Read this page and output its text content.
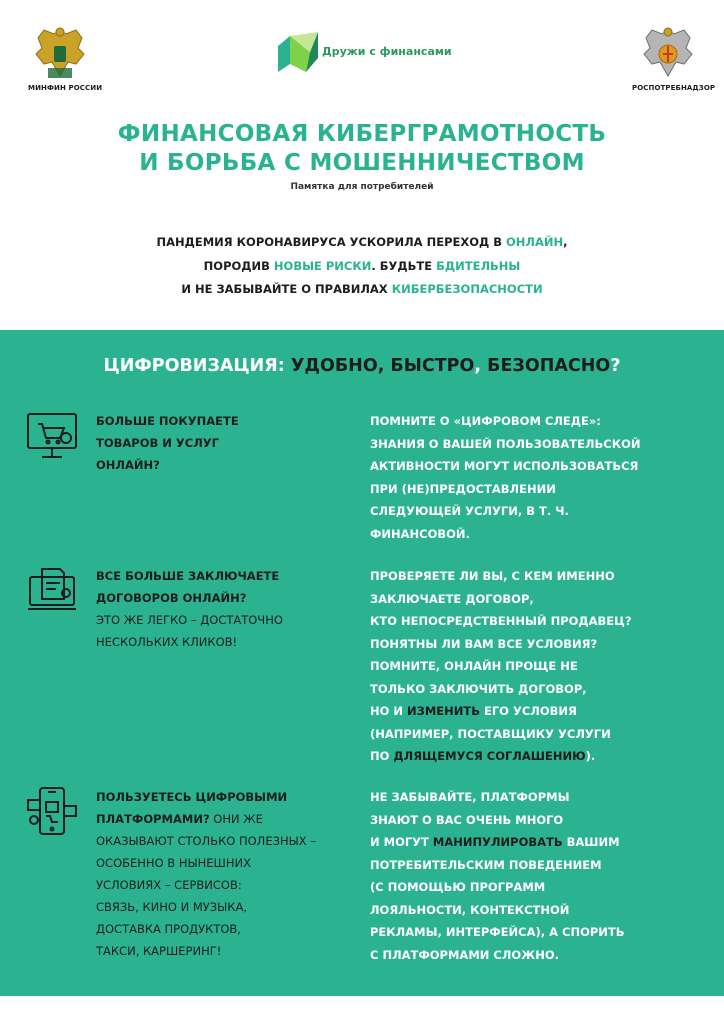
МИНФИН РОССИИ	РОСПОТРЕБНАДЗОР
Дружи с финансами
ФИНАНСОВАЯ КИБЕРГРАМОТНОСТЬ
И БОРЬБА С МОШЕННИЧЕСТВОМ
Памятка для потребителей
ПАНДЕМИЯ КОРОНАВИРУСА УСКОРИЛА ПЕРЕХОД В ОНЛАЙН,
ПОРОДИВ НОВЫЕ РИСКИ. БУДЬТЕ БДИТЕЛЬНЫ
И НЕ ЗАБЫВАЙТЕ О ПРАВИЛАХ КИБЕРБЕЗОПАСНОСТИ
ЦИФРОВИЗАЦИЯ: УДОБНО, БЫСТРО, БЕЗОПАСНО?
БОЛЬШЕ ПОКУПАЕТЕ
ТОВАРОВ И УСЛУГ
ОНЛАЙН?
ПОМНИТЕ О «ЦИФРОВОМ СЛЕДЕ»:
ЗНАНИЯ О ВАШЕЙ ПОЛЬЗОВАТЕЛЬСКОЙ
АКТИВНОСТИ МОГУТ ИСПОЛЬЗОВАТЬСЯ
ПРИ (НЕ)ПРЕДОСТАВЛЕНИИ
СЛЕДУЮЩЕЙ УСЛУГИ, В Т. Ч.
ФИНАНСОВОЙ.
ВСЕ БОЛЬШЕ ЗАКЛЮЧАЕТЕ
ДОГОВОРОВ ОНЛАЙН?
ЭТО ЖЕ ЛЕГКО – ДОСТАТОЧНО
НЕСКОЛЬКИХ КЛИКОВ!
ПРОВЕРЯЕТЕ ЛИ ВЫ, С КЕМ ИМЕННО
ЗАКЛЮЧАЕТЕ ДОГОВОР,
КТО НЕПОСРЕДСТВЕННЫЙ ПРОДАВЕЦ?
ПОНЯТНЫ ЛИ ВАМ ВСЕ УСЛОВИЯ?
ПОМНИТЕ, ОНЛАЙН ПРОЩЕ НЕ
ТОЛЬКО ЗАКЛЮЧИТЬ ДОГОВОР,
НО И ИЗМЕНИТЬ ЕГО УСЛОВИЯ
(НАПРИМЕР, ПОСТАВЩИКУ УСЛУГИ
ПО ДЛЯЩЕМУСЯ СОГЛАШЕНИЮ).
ПОЛЬЗУЕТЕСЬ ЦИФРОВЫМИ
ПЛАТФОРМАМИ? ОНИ ЖЕ
ОКАЗЫВАЮТ СТОЛЬКО ПОЛЕЗНЫХ –
ОСОБЕННО В НЫНЕШНИХ
УСЛОВИЯХ – СЕРВИСОВ:
СВЯЗЬ, КИНО И МУЗЫКА,
ДОСТАВКА ПРОДУКТОВ,
ТАКСИ, КАРШЕРИНГ!
НЕ ЗАБЫВАЙТЕ, ПЛАТФОРМЫ
ЗНАЮТ О ВАС ОЧЕНЬ МНОГО
И МОГУТ МАНИПУЛИРОВАТЬ ВАШИМ
ПОТРЕБИТЕЛЬСКИМ ПОВЕДЕНИЕМ
(С ПОМОЩЬЮ ПРОГРАММ
ЛОЯЛЬНОСТИ, КОНТЕКСТНОЙ
РЕКЛАМЫ, ИНТЕРФЕЙСА), А СПОРИТЬ
С ПЛАТФОРМАМИ СЛОЖНО.
